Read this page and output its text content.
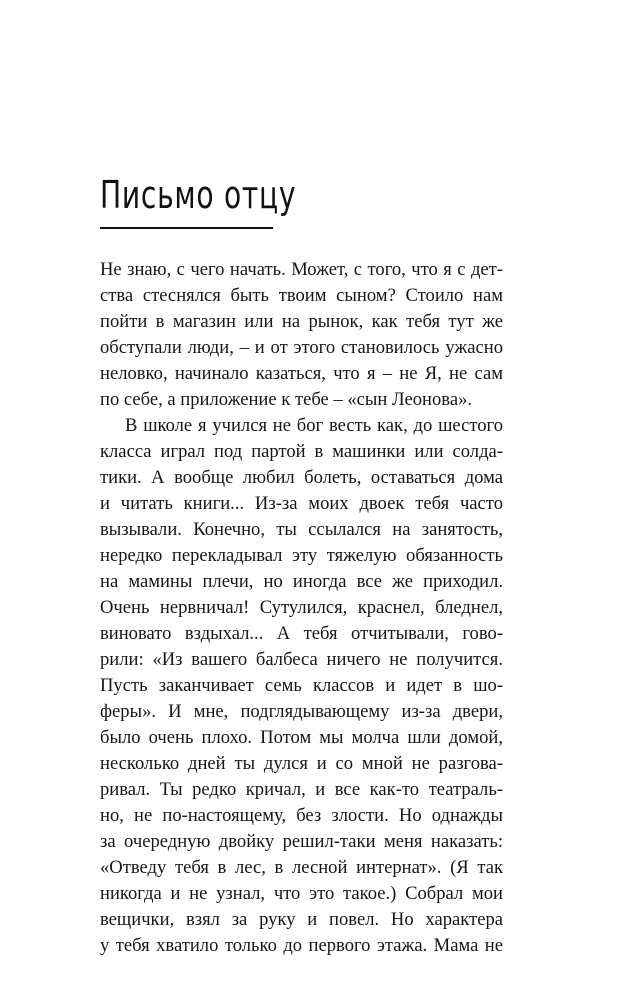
Письмо отцу
Не знаю, с чего начать. Может, с того, что я с дет-
ства стеснялся быть твоим сыном? Стоило нам
пойти в магазин или на рынок, как тебя тут же
обступали люди, – и от этого становилось ужасно
неловко, начинало казаться, что я – не Я, не сам
по себе, а приложение к тебе – «сын Леонова».
В школе я учился не бог весть как, до шестого
класса играл под партой в машинки или солда-
тики. А вообще любил болеть, оставаться дома
и читать книги... Из-за моих двоек тебя часто
вызывали. Конечно, ты ссылался на занятость,
нередко перекладывал эту тяжелую обязанность
на мамины плечи, но иногда все же приходил.
Очень нервничал! Сутулился, краснел, бледнел,
виновато вздыхал... А тебя отчитывали, гово-
рили: «Из вашего балбеса ничего не получится.
Пусть заканчивает семь классов и идет в шо-
феры». И мне, подглядывающему из-за двери,
было очень плохо. Потом мы молча шли домой,
несколько дней ты дулся и со мной не разгова-
ривал. Ты редко кричал, и все как-то театраль-
но, не по-настоящему, без злости. Но однажды
за очередную двойку решил-таки меня наказать:
«Отведу тебя в лес, в лесной интернат». (Я так
никогда и не узнал, что это такое.) Собрал мои
вещички, взял за руку и повел. Но характера
у тебя хватило только до первого этажа. Мама не
